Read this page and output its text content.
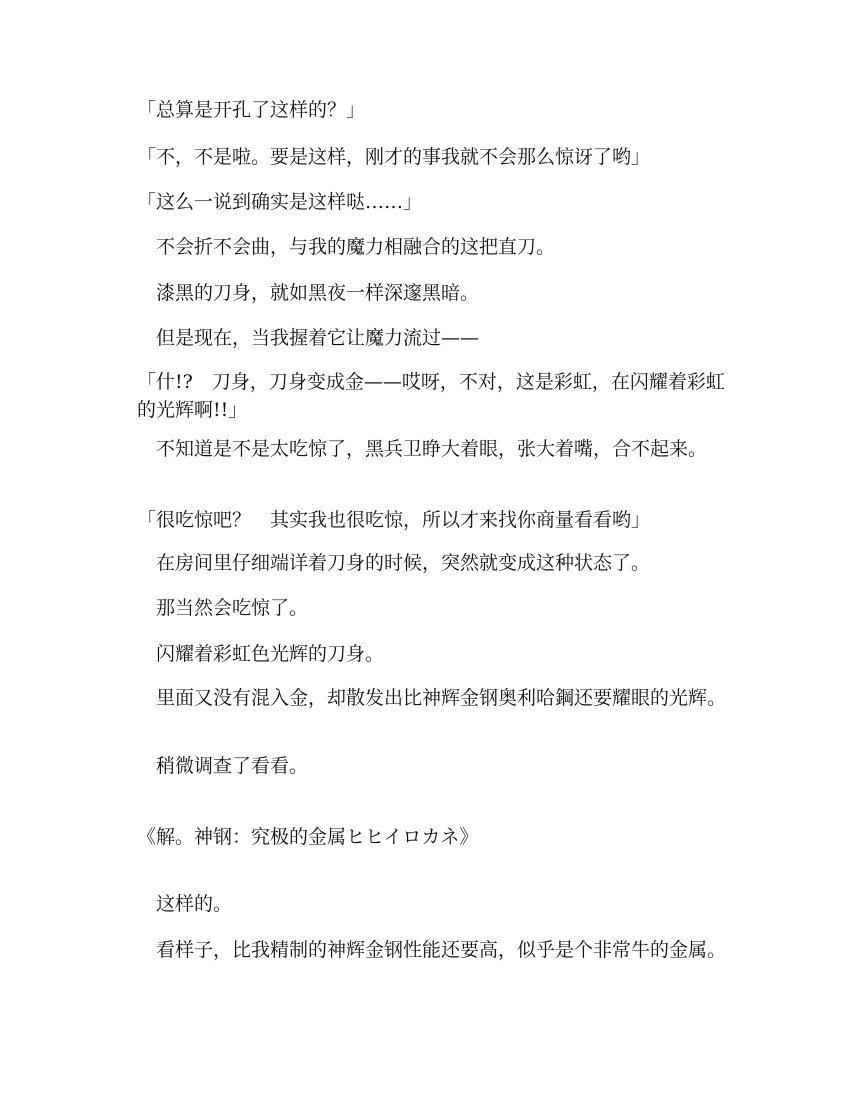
「总算是开孔了这样的？」

「不，不是啦。要是这样，刚才的事我就不会那么惊讶了哟」

「这么一说到确实是这样哒……」

　不会折不会曲，与我的魔力相融合的这把直刀。

　漆黑的刀身，就如黑夜一样深邃黑暗。

　但是现在，当我握着它让魔力流过——

「什!?　刀身，刀身变成金——哎呀，不对，这是彩虹，在闪耀着彩虹的光辉啊!!」

　不知道是不是太吃惊了，黑兵卫睁大着眼，张大着嘴，合不起来。

「很吃惊吧？　其实我也很吃惊，所以才来找你商量看看哟」

　在房间里仔细端详着刀身的时候，突然就变成这种状态了。

　那当然会吃惊了。

　闪耀着彩虹色光辉的刀身。

　里面又没有混入金，却散发出比神辉金钢奥利哈鋼还要耀眼的光辉。

　稍微调查了看看。

《解。神钢：究极的金属ヒヒイロカネ》

　这样的。

　看样子，比我精制的神辉金钢性能还要高，似乎是个非常牛的金属。
